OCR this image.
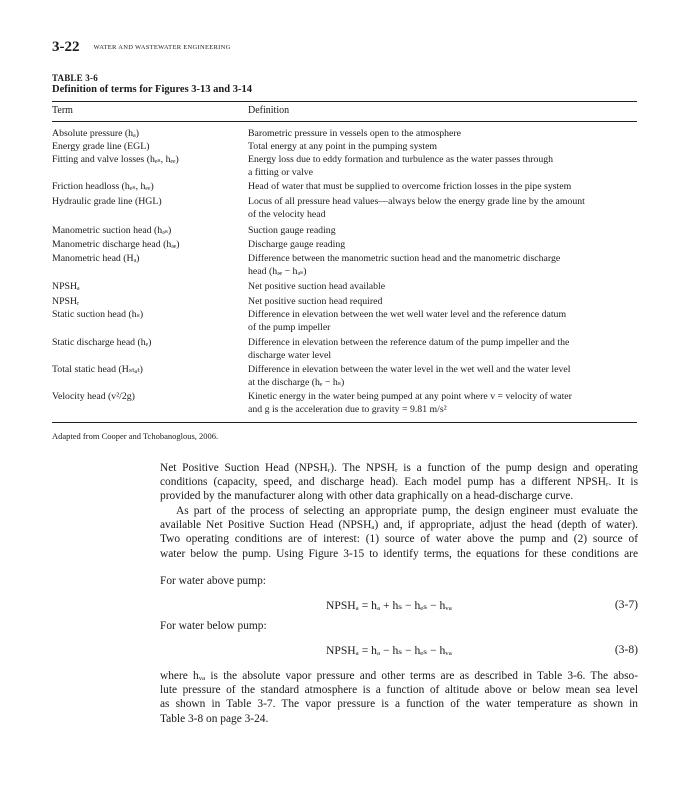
3-22 WATER AND WASTEWATER ENGINEERING
TABLE 3-6
Definition of terms for Figures 3-13 and 3-14
Term	Definition
Absolute pressure (hₐ)	Barometric pressure in vessels open to the atmosphere
Energy grade line (EGL)	Total energy at any point in the pumping system
Fitting and valve losses (hₑₛ, hₑₑ)	Energy loss due to eddy formation and turbulence as the water passes through
a fitting or valve
Friction headloss (hₑₛ, hₑₑ)	Head of water that must be supplied to overcome friction losses in the pipe system
Hydraulic grade line (HGL)	Locus of all pressure head values—always below the energy grade line by the amount
of the velocity head
Manometric suction head (hₔₛ)	Suction gauge reading
Manometric discharge head (hₔₑ)	Discharge gauge reading
Manometric head (Hₔ)	Difference between the manometric suction head and the manometric discharge
head (hₔₑ − hₔₛ)
NPSHₐ	Net positive suction head available
NPSHᵣ	Net positive suction head required
Static suction head (hₛ)	Difference in elevation between the wet well water level and the reference datum
of the pump impeller
Static discharge head (hₑ)	Difference in elevation between the reference datum of the pump impeller and the
discharge water level
Total static head (Hₛₜₐₜ)	Difference in elevation between the water level in the wet well and the water level
at the discharge (hₑ − hₛ)
Velocity head (v²/2g)	Kinetic energy in the water being pumped at any point where v = velocity of water
and g is the acceleration due to gravity = 9.81 m/s²
Adapted from Cooper and Tchobanoglous, 2006.
Net Positive Suction Head (NPSHᵣ). The NPSHᵣ is a function of the pump design and operating
conditions (capacity, speed, and discharge head). Each model pump has a different NPSHᵣ. It is
provided by the manufacturer along with other data graphically on a head-discharge curve.
As part of the process of selecting an appropriate pump, the design engineer must evaluate the
available Net Positive Suction Head (NPSHₐ) and, if appropriate, adjust the head (depth of water).
Two operating conditions are of interest: (1) source of water above the pump and (2) source of
water below the pump. Using Figure 3-15 to identify terms, the equations for these conditions are
For water above pump:
NPSHₐ = hₐ + hₛ − hₑₛ − hᵥₐ	(3-7)
For water below pump:
NPSHₐ = hₐ − hₛ − hₑₛ − hᵥₐ	(3-8)
where hᵥₐ is the absolute vapor pressure and other terms are as described in Table 3-6. The abso-
lute pressure of the standard atmosphere is a function of altitude above or below mean sea level
as shown in Table 3-7. The vapor pressure is a function of the water temperature as shown in
Table 3-8 on page 3-24.
